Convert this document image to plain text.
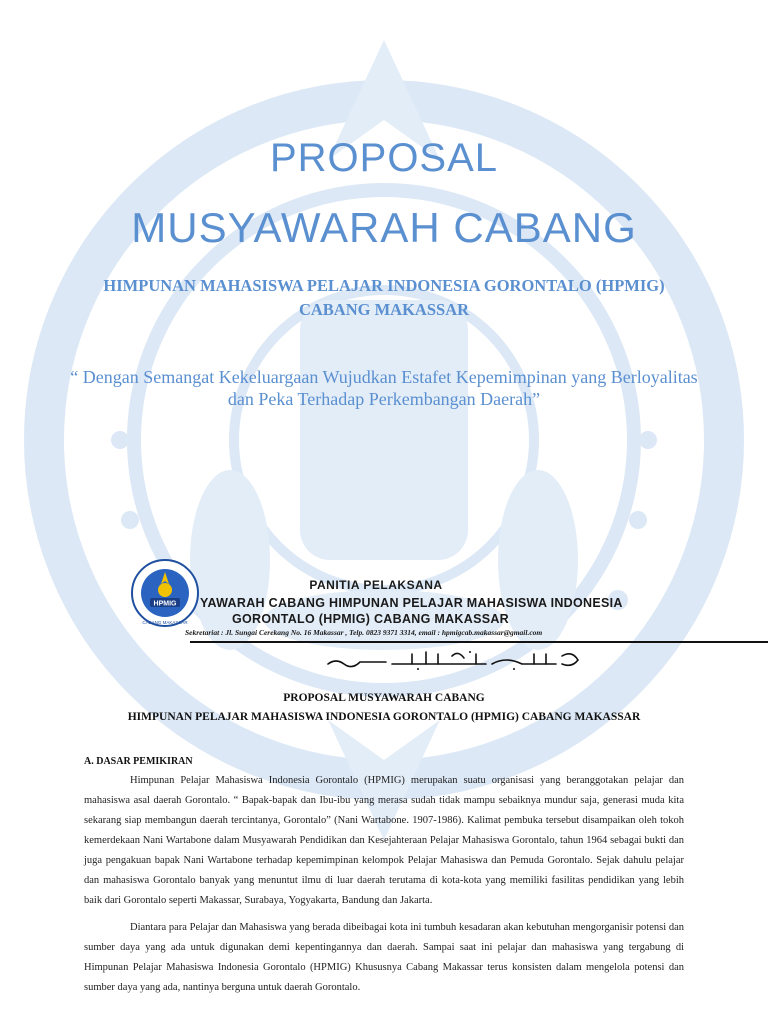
PROPOSAL
MUSYAWARAH CABANG
HIMPUNAN MAHASISWA PELAJAR INDONESIA GORONTALO (HPMIG)
CABANG MAKASSAR
“ Dengan Semangat Kekeluargaan Wujudkan Estafet Kepemimpinan yang Berloyalitas
dan Peka Terhadap Perkembangan Daerah”
HPMIG
CABANG MAKASSAR
PANITIA PELAKSANA
YAWARAH CABANG HIMPUNAN PELAJAR MAHASISWA INDONESIA
GORONTALO (HPMIG) CABANG MAKASSAR
Sekretariat : Jl. Sungai Cerekang No. 16 Makassar , Telp. 0823 9371 3314, email : hpmigcab.makassar@gmail.com
PROPOSAL MUSYAWARAH CABANG
HIMPUNAN PELAJAR MAHASISWA INDONESIA GORONTALO (HPMIG) CABANG MAKASSAR
A. DASAR PEMIKIRAN
Himpunan Pelajar Mahasiswa Indonesia Gorontalo (HPMIG) merupakan suatu organisasi yang beranggotakan pelajar dan
mahasiswa asal daerah Gorontalo. “ Bapak-bapak dan Ibu-ibu yang merasa sudah tidak mampu sebaiknya mundur saja, generasi muda kita
sekarang siap membangun daerah tercintanya, Gorontalo” (Nani Wartabone. 1907-1986). Kalimat pembuka tersebut disampaikan oleh tokoh
kemerdekaan Nani Wartabone dalam Musyawarah Pendidikan dan Kesejahteraan Pelajar Mahasiswa Gorontalo, tahun 1964 sebagai bukti dan
juga pengakuan bapak Nani Wartabone terhadap kepemimpinan kelompok Pelajar Mahasiswa dan Pemuda Gorontalo. Sejak dahulu pelajar
dan mahasiswa Gorontalo banyak yang menuntut ilmu di luar daerah terutama di kota-kota yang memiliki fasilitas pendidikan yang lebih
baik dari Gorontalo seperti Makassar, Surabaya, Yogyakarta, Bandung dan Jakarta.
Diantara para Pelajar dan Mahasiswa yang berada dibeibagai kota ini tumbuh kesadaran akan kebutuhan mengorganisir potensi dan
sumber daya yang ada untuk digunakan demi kepentingannya dan daerah. Sampai saat ini pelajar dan mahasiswa yang tergabung di
Himpunan Pelajar Mahasiswa Indonesia Gorontalo (HPMIG) Khususnya Cabang Makassar terus konsisten dalam mengelola potensi dan
sumber daya yang ada, nantinya berguna untuk daerah Gorontalo.
